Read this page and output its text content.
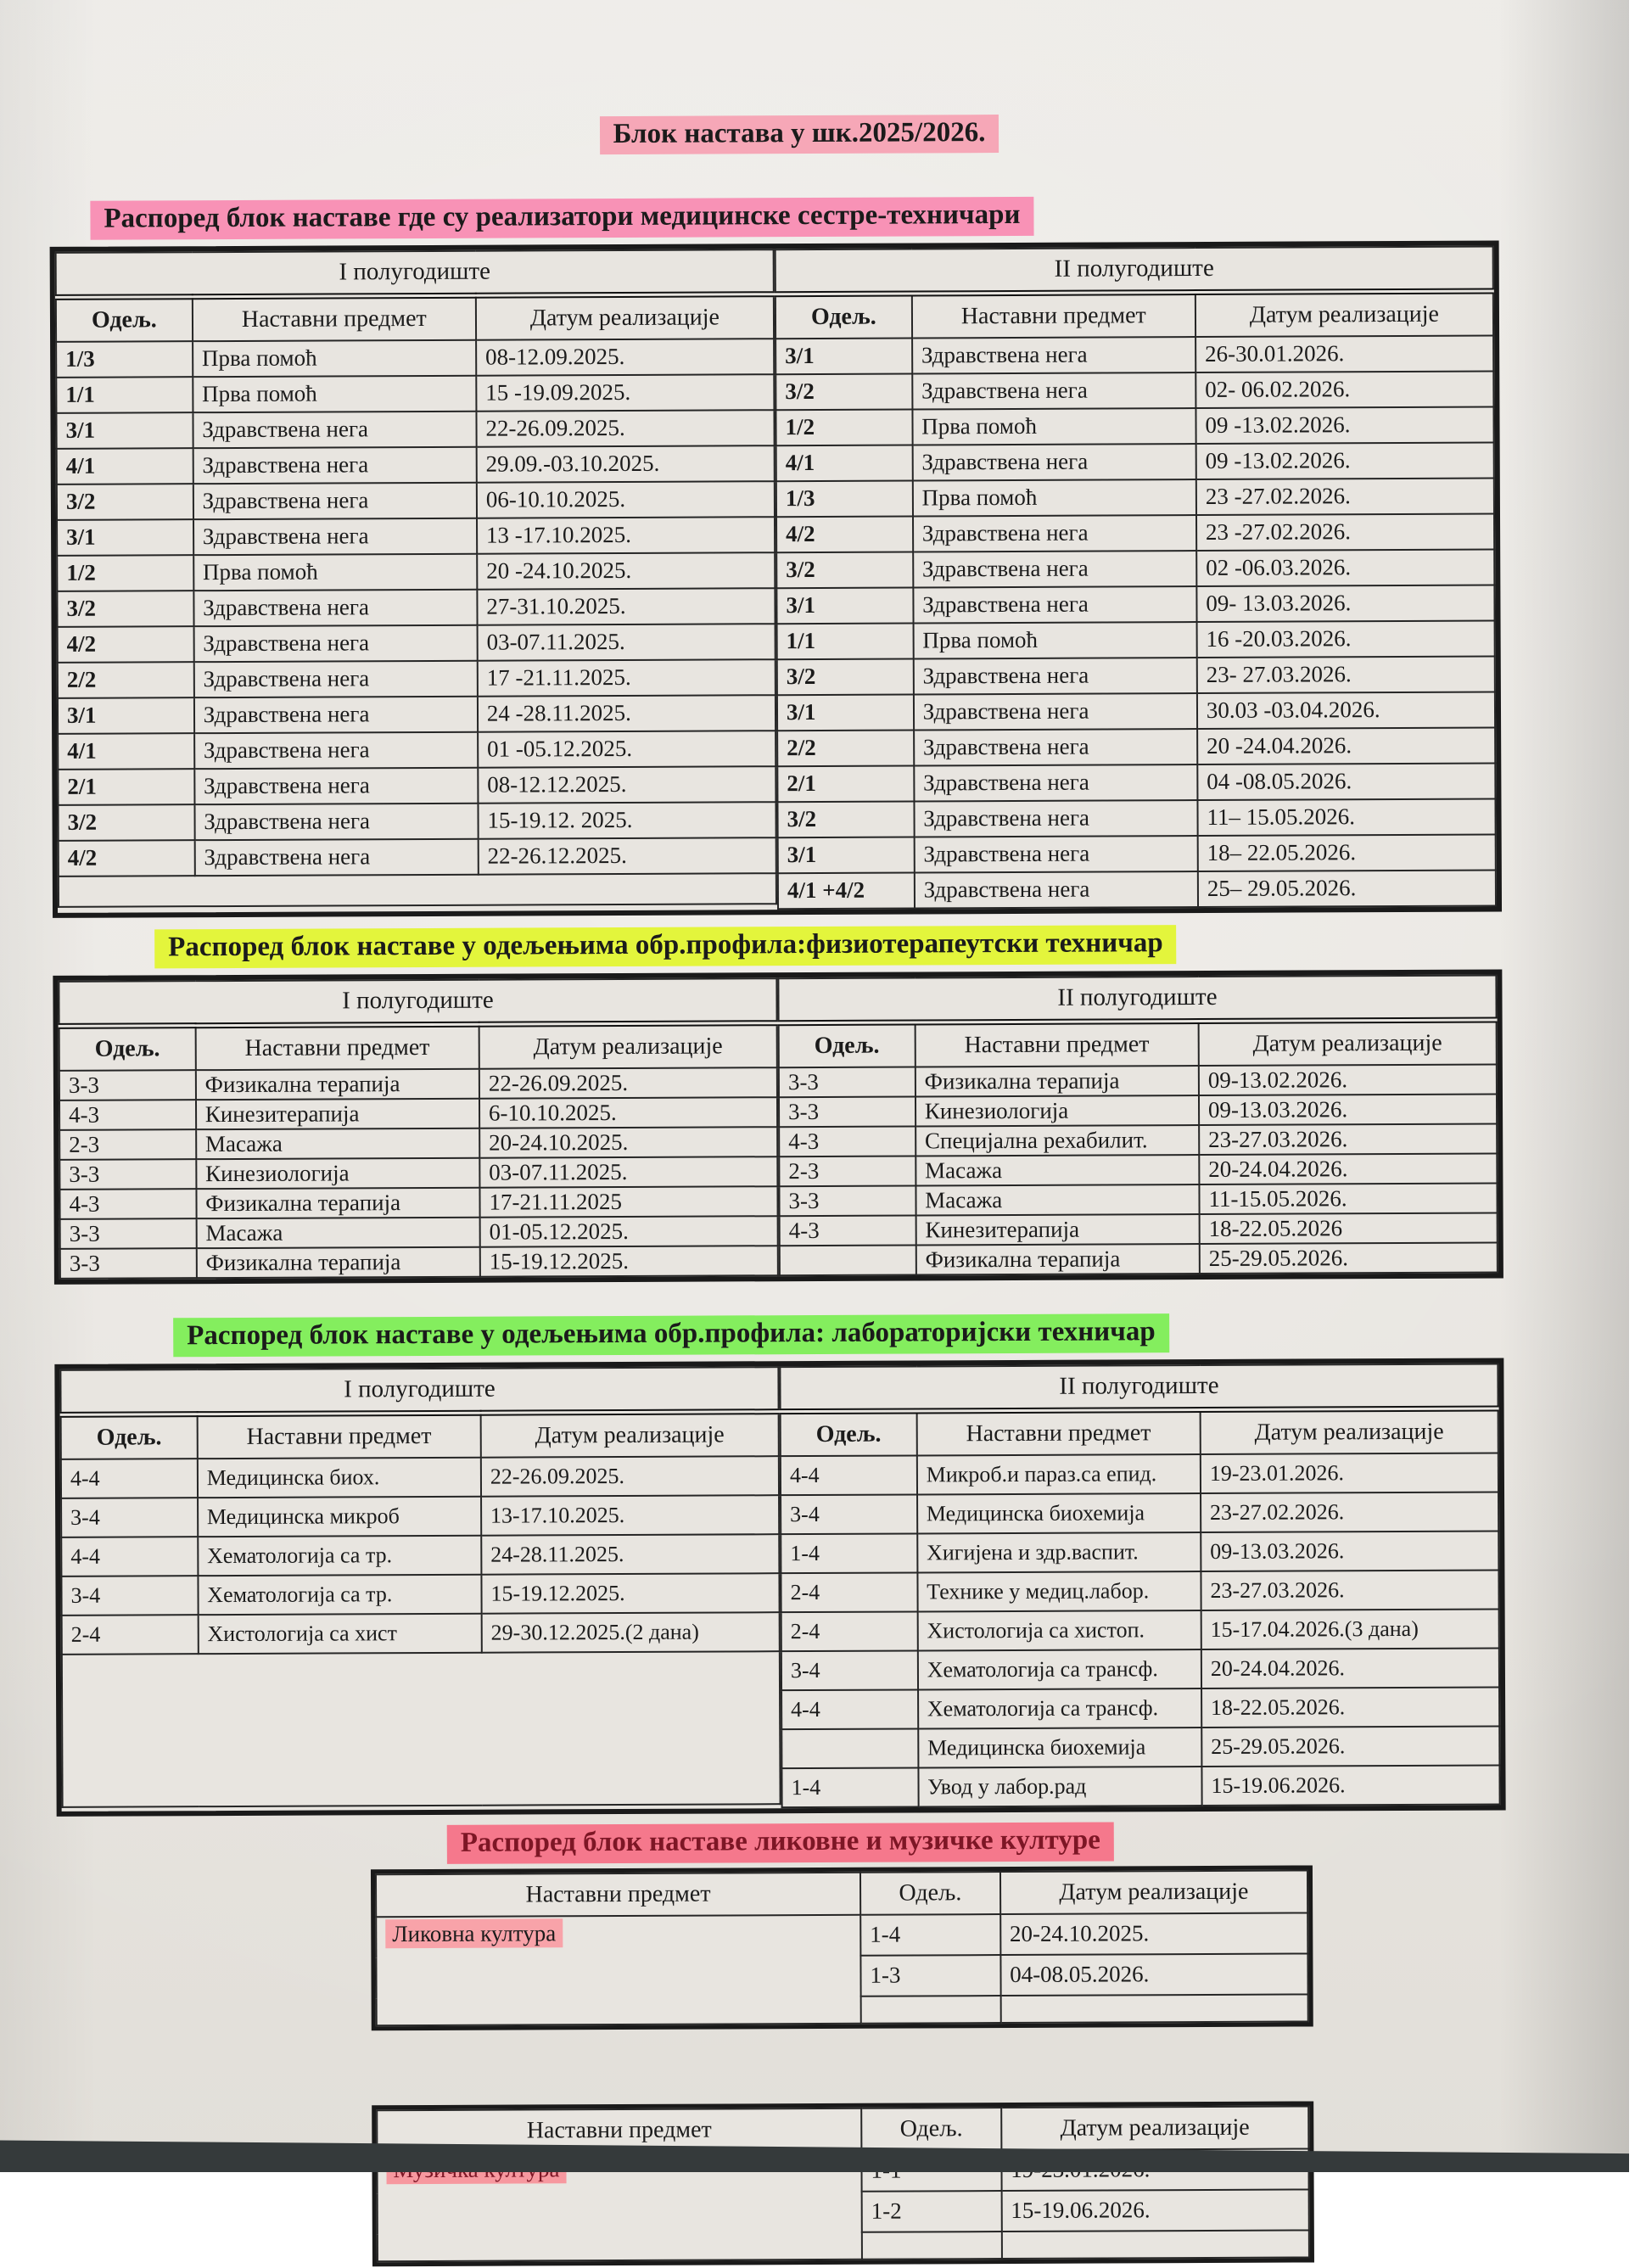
Блок настава у шк.2025/2026.
Распоред блок наставе где су реализатори медицинске сестре-техничари
I полугодиште		
Одељ.	Наставни предмет	Датум реализације
1/3	Прва помоћ	08-12.09.2025.
1/1	Прва помоћ	15 -19.09.2025.
3/1	Здравствена нега	22-26.09.2025.
4/1	Здравствена нега	29.09.-03.10.2025.
3/2	Здравствена нега	06-10.10.2025.
3/1	Здравствена нега	13 -17.10.2025.
1/2	Прва помоћ	20 -24.10.2025.
3/2	Здравствена нега	27-31.10.2025.
4/2	Здравствена нега	03-07.11.2025.
2/2	Здравствена нега	17 -21.11.2025.
3/1	Здравствена нега	24 -28.11.2025.
4/1	Здравствена нега	01 -05.12.2025.
2/1	Здравствена нега	08-12.12.2025.
3/2	Здравствена нега	15-19.12. 2025.
4/2	Здравствена нега	22-26.12.2025.

II полугодиште		
Одељ.	Наставни предмет	Датум реализације
3/1	Здравствена нега	26-30.01.2026.
3/2	Здравствена нега	02- 06.02.2026.
1/2	Прва помоћ	09 -13.02.2026.
4/1	Здравствена нега	09 -13.02.2026.
1/3	Прва помоћ	23 -27.02.2026.
4/2	Здравствена нега	23 -27.02.2026.
3/2	Здравствена нега	02 -06.03.2026.
3/1	Здравствена нега	09- 13.03.2026.
1/1	Прва помоћ	16 -20.03.2026.
3/2	Здравствена нега	23- 27.03.2026.
3/1	Здравствена нега	30.03 -03.04.2026.
2/2	Здравствена нега	20 -24.04.2026.
2/1	Здравствена нега	04 -08.05.2026.
3/2	Здравствена нега	11– 15.05.2026.
3/1	Здравствена нега	18– 22.05.2026.
4/1 +4/2	Здравствена нега	25– 29.05.2026.
Распоред блок наставе у одељењима обр.профила:физиотерапеутски техничар
I полугодиште		
Одељ.	Наставни предмет	Датум реализације
3-3	Физикална терапија	22-26.09.2025.
4-3	Кинезитерапија	6-10.10.2025.
2-3	Масажа	20-24.10.2025.
3-3	Кинезиологија	03-07.11.2025.
4-3	Физикална терапија	17-21.11.2025
3-3	Масажа	01-05.12.2025.
3-3	Физикална терапија	15-19.12.2025.
II полугодиште		
Одељ.	Наставни предмет	Датум реализације
3-3	Физикална терапија	09-13.02.2026.
3-3	Кинезиологија	09-13.03.2026.
4-3	Специјална рехабилит.	23-27.03.2026.
2-3	Масажа	20-24.04.2026.
3-3	Масажа	11-15.05.2026.
4-3	Кинезитерапија	18-22.05.2026
	Физикална терапија	25-29.05.2026.
Распоред блок наставе у одељењима обр.профила: лабораторијски техничар
I полугодиште		
Одељ.	Наставни предмет	Датум реализације
4-4	Медицинска биох.	22-26.09.2025.
3-4	Медицинска микроб	13-17.10.2025.
4-4	Хематологија са тр.	24-28.11.2025.
3-4	Хематологија са тр.	15-19.12.2025.
2-4	Хистологија са хист	29-30.12.2025.(2 дана)

II полугодиште		
Одељ.	Наставни предмет	Датум реализације
4-4	Микроб.и параз.са епид.	19-23.01.2026.
3-4	Медицинска биохемија	23-27.02.2026.
1-4	Хигијена и здр.васпит.	09-13.03.2026.
2-4	Технике у медиц.лабор.	23-27.03.2026.
2-4	Хистологија са хистоп.	15-17.04.2026.(3 дана)
3-4	Хематологија са трансф.	20-24.04.2026.
4-4	Хематологија са трансф.	18-22.05.2026.
	Медицинска биохемија	25-29.05.2026.
1-4	Увод у лабор.рад	15-19.06.2026.
Распоред блок наставе ликовне и музичке културе
Наставни предмет	Одељ.	Датум реализације
Ликовна култура	1-4	20-24.10.2025.
	1-3	04-08.05.2026.

Наставни предмет	Одељ.	Датум реализације

	1-2	15-19.06.2026.
